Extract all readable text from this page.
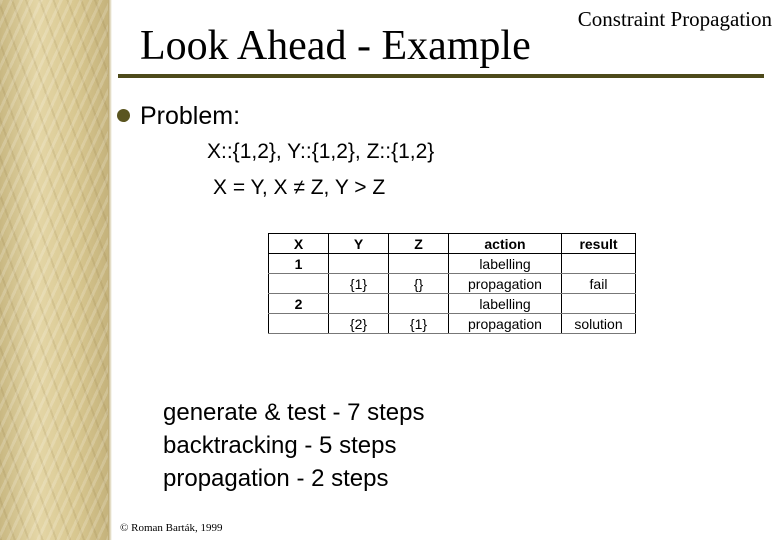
Constraint Propagation
Look Ahead - Example
Problem:
X::{1,2}, Y::{1,2}, Z::{1,2}
X = Y, X ≠ Z, Y > Z
X	Y	Z	action	result
1			labelling	
	{1}	{}	propagation	fail
2			labelling	
	{2}	{1}	propagation	solution
generate & test - 7 steps
backtracking - 5 steps
propagation - 2 steps
© Roman Barták, 1999
